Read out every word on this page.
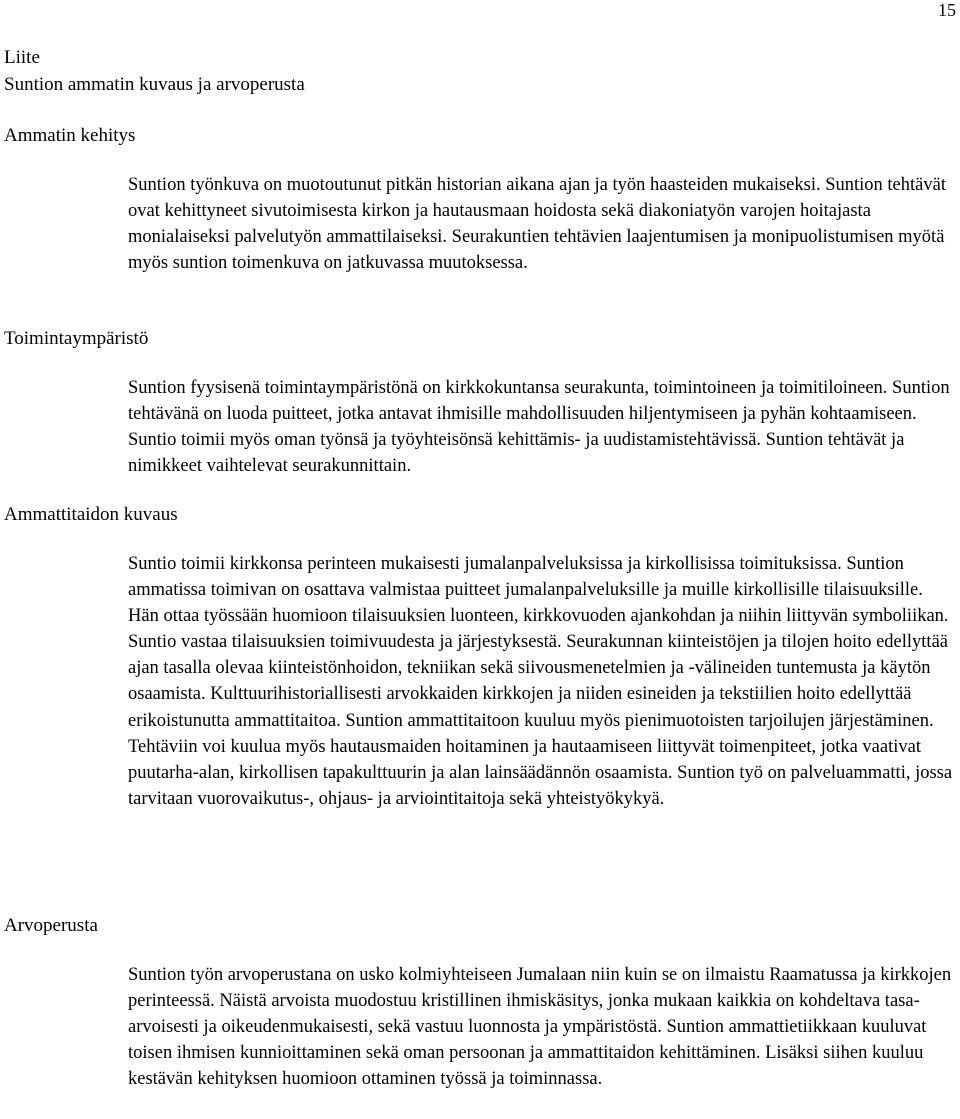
15
Liite
Suntion ammatin kuvaus ja arvoperusta
Ammatin kehitys

Suntion työnkuva on muotoutunut pitkän historian aikana ajan ja työn haasteiden mukaiseksi. Suntion tehtävät ovat kehittyneet sivutoimisesta kirkon ja hautausmaan hoidosta sekä diakoniatyön varojen hoitajasta monialaiseksi palvelutyön ammattilaiseksi. Seurakuntien tehtävien laajentumisen ja monipuolistumisen myötä myös suntion toimenkuva on jatkuvassa muutoksessa.

Toimintaympäristö

Suntion fyysisenä toimintaympäristönä on kirkkokuntansa seurakunta, toimintoineen ja toimitiloineen. Suntion tehtävänä on luoda puitteet, jotka antavat ihmisille mahdollisuuden hiljentymiseen ja pyhän kohtaamiseen. Suntio toimii myös oman työnsä ja työyhteisönsä kehittämis- ja uudistamistehtävissä. Suntion tehtävät ja nimikkeet vaihtelevat seurakunnittain.

Ammattitaidon kuvaus

Suntio toimii kirkkonsa perinteen mukaisesti jumalanpalveluksissa ja kirkollisissa toimituksissa. Suntion ammatissa toimivan on osattava valmistaa puitteet jumalanpalveluksille ja muille kirkollisille tilaisuuksille. Hän ottaa työssään huomioon tilaisuuksien luonteen, kirkkovuoden ajankohdan ja niihin liittyvän symboliikan. Suntio vastaa tilaisuuksien toimivuudesta ja järjestyksestä. Seurakunnan kiinteistöjen ja tilojen hoito edellyttää ajan tasalla olevaa kiinteistönhoidon, tekniikan sekä siivousmenetelmien ja -välineiden tuntemusta ja käytön osaamista. Kulttuurihistoriallisesti arvokkaiden kirkkojen ja niiden esineiden ja tekstiilien hoito edellyttää erikoistunutta ammattitaitoa. Suntion ammattitaitoon kuuluu myös pienimuotoisten tarjoilujen järjestäminen. Tehtäviin voi kuulua myös hautausmaiden hoitaminen ja hautaamiseen liittyvät toimenpiteet, jotka vaativat puutarha-alan, kirkollisen tapakulttuurin ja alan lainsäädännön osaamista. Suntion työ on palveluammatti, jossa tarvitaan vuorovaikutus-, ohjaus- ja arviointitaitoja sekä yhteistyökykyä.

Arvoperusta

Suntion työn arvoperustana on usko kolmiyhteiseen Jumalaan niin kuin se on ilmaistu Raamatussa ja kirkkojen perinteessä. Näistä arvoista muodostuu kristillinen ihmiskäsitys, jonka mukaan kaikkia on kohdeltava tasa-arvoisesti ja oikeudenmukaisesti, sekä vastuu luonnosta ja ympäristöstä. Suntion ammattietiikkaan kuuluvat toisen ihmisen kunnioittaminen sekä oman persoonan ja ammattitaidon kehittäminen. Lisäksi siihen kuuluu kestävän kehityksen huomioon ottaminen työssä ja toiminnassa.
